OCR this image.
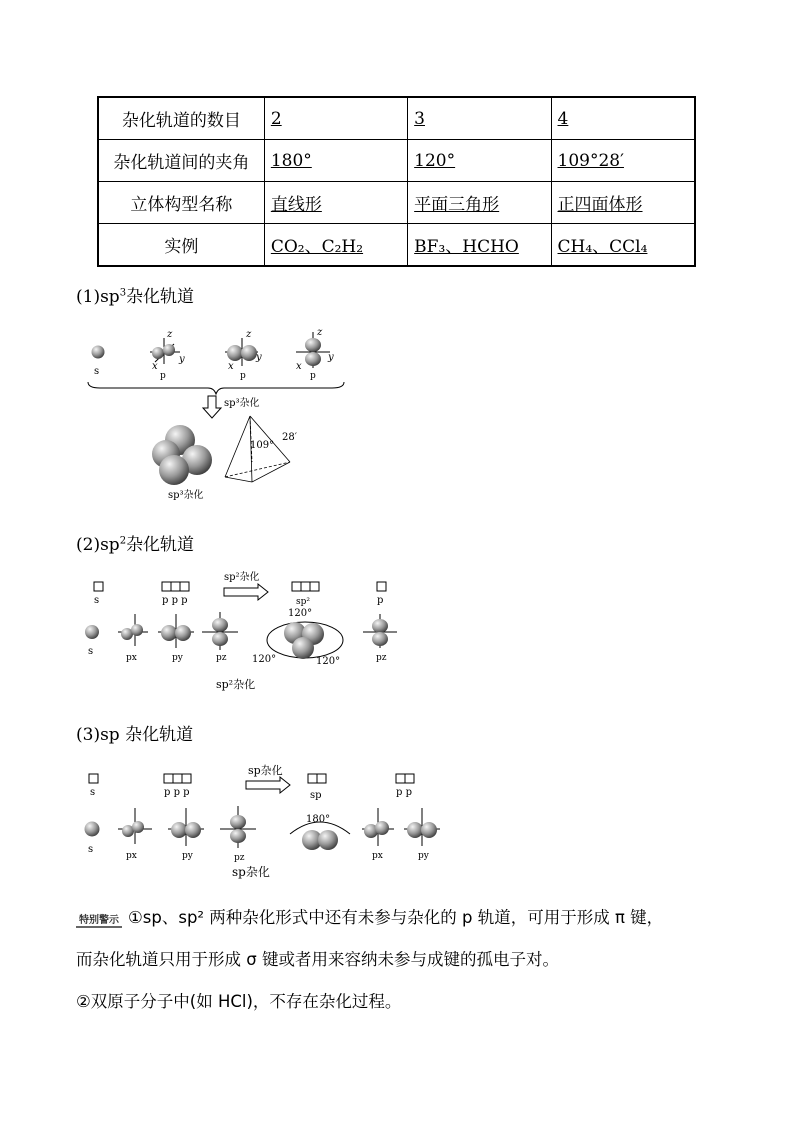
杂化轨道的数目	2	3	4
杂化轨道间的夹角	180°	120°	109°28′
立体构型名称	直线形	平面三角形	正四面体形
实例	CO₂、C₂H₂	BF₃、HCHO	CH₄、CCl₄
$(1)sp^3$杂化轨道
s
z
x
y
p
z
x
y
p
z
x
y
p
sp³杂化
109°
28′
sp³杂化
$(2)sp^2$杂化轨道
s	p p p
sp²杂化
sp²	p
s
px	py	pz
120°
120°	120°	pz
sp²杂化
(3)sp 杂化轨道
s	p p p
sp杂化
sp	p p
s
px	py	pz
180°
px	py
sp杂化
特别警示 ①sp、sp² 两种杂化形式中还有未参与杂化的 p 轨道，可用于形成 π 键，
而杂化轨道只用于形成 σ 键或者用来容纳未参与成键的孤电子对。
②双原子分子中(如 HCl)，不存在杂化过程。
